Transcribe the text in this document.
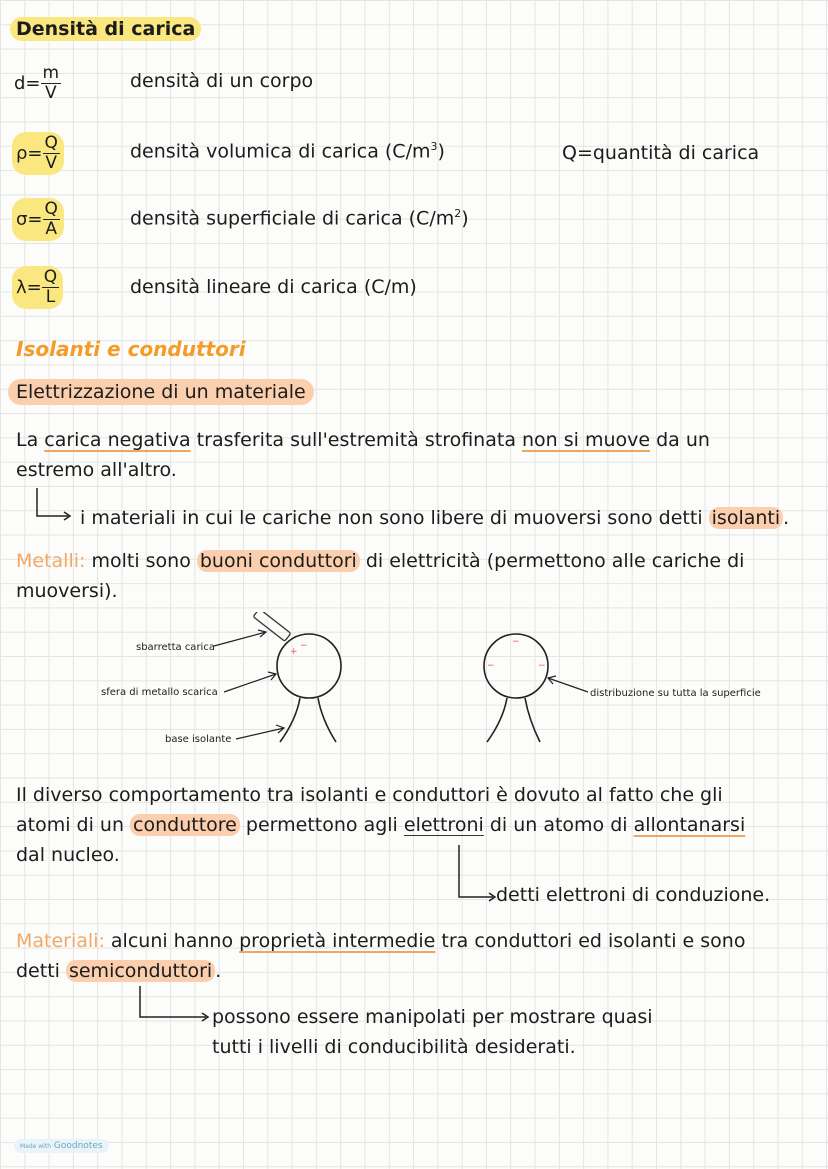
Densità di carica
$d= \frac{m}{V}$	densità di un corpo
$\rho= \frac{Q}{V}$	densità volumica di carica $(C/m^3)$	Q=quantità di carica
$\sigma= \frac{Q}{A}$	densità superficiale di carica $(C/m^2)$
$\lambda= \frac{Q}{L}$	densità lineare di carica (C/m)
Isolanti e conduttori
Elettrizzazione di un materiale
La carica negativa trasferita sull'estremità strofinata non si muove da un
estremo all'altro.
i materiali in cui le cariche non sono libere di muoversi sono detti isolanti .
Metalli: molti sono buoni conduttori di elettricità (permettono alle cariche di
muoversi).
+
−	−
−	−
sbarretta carica
sfera di metallo scarica
base isolante
distribuzione su tutta la superficie
Il diverso comportamento tra isolanti e conduttori è dovuto al fatto che gli
atomi di un conduttore permettono agli elettroni di un atomo di allontanarsi
dal nucleo.
detti elettroni di conduzione.
Materiali: alcuni hanno proprietà intermedie tra conduttori ed isolanti e sono
detti semiconduttori .
possono essere manipolati per mostrare quasi
tutti i livelli di conducibilità desiderati.
Made with Goodnotes
